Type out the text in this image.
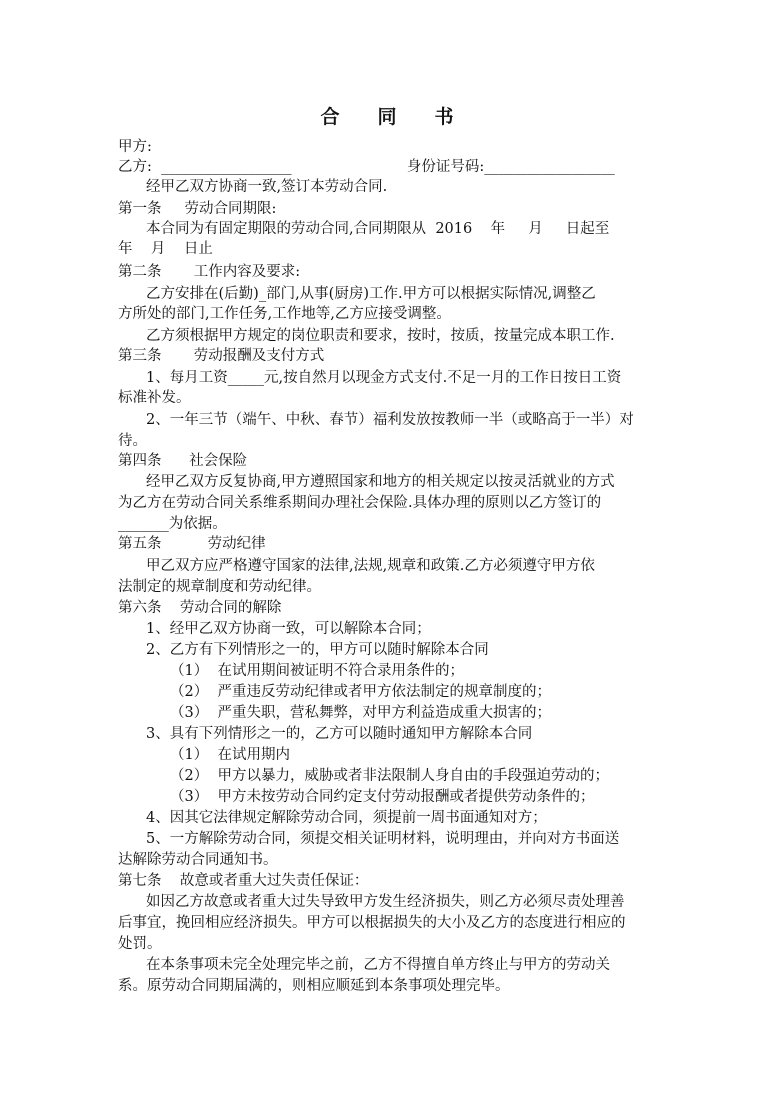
合　　同　　书
甲方:
乙方:  __________________                         身份证号码:__________________
经甲乙双方协商一致,签订本劳动合同.
第一条     劳动合同期限:
本合同为有固定期限的劳动合同,合同期限从  2016    年     月     日起至
年    月    日止
第二条       工作内容及要求:
乙方安排在(后勤)_部门,从事(厨房)工作.甲方可以根据实际情况,调整乙
方所处的部门,工作任务,工作地等,乙方应接受调整。
乙方须根据甲方规定的岗位职责和要求，按时，按质，按量完成本职工作.
第三条       劳动报酬及支付方式
1、每月工资_____元,按自然月以现金方式支付.不足一月的工作日按日工资
标准补发。
2、一年三节（端午、中秋、春节）福利发放按教师一半（或略高于一半）对
待。
第四条      社会保险
经甲乙双方反复协商,甲方遵照国家和地方的相关规定以按灵活就业的方式
为乙方在劳动合同关系维系期间办理社会保险.具体办理的原则以乙方签订的
_______为依据。
第五条          劳动纪律
甲乙双方应严格遵守国家的法律,法规,规章和政策.乙方必须遵守甲方依
法制定的规章制度和劳动纪律。
第六条    劳动合同的解除
1、经甲乙双方协商一致，可以解除本合同；
2、乙方有下列情形之一的，甲方可以随时解除本合同
（1）  在试用期间被证明不符合录用条件的；
（2）  严重违反劳动纪律或者甲方依法制定的规章制度的；
（3）  严重失职，营私舞弊，对甲方利益造成重大损害的；
3、具有下列情形之一的，乙方可以随时通知甲方解除本合同
（1）  在试用期内
（2）  甲方以暴力，威胁或者非法限制人身自由的手段强迫劳动的；
（3）  甲方未按劳动合同约定支付劳动报酬或者提供劳动条件的；
4、因其它法律规定解除劳动合同，须提前一周书面通知对方；
5、一方解除劳动合同，须提交相关证明材料，说明理由，并向对方书面送
达解除劳动合同通知书。
第七条    故意或者重大过失责任保证：
如因乙方故意或者重大过失导致甲方发生经济损失，则乙方必须尽责处理善
后事宜，挽回相应经济损失。甲方可以根据损失的大小及乙方的态度进行相应的
处罚。
在本条事项未完全处理完毕之前，乙方不得擅自单方终止与甲方的劳动关
系。原劳动合同期届满的，则相应顺延到本条事项处理完毕。
